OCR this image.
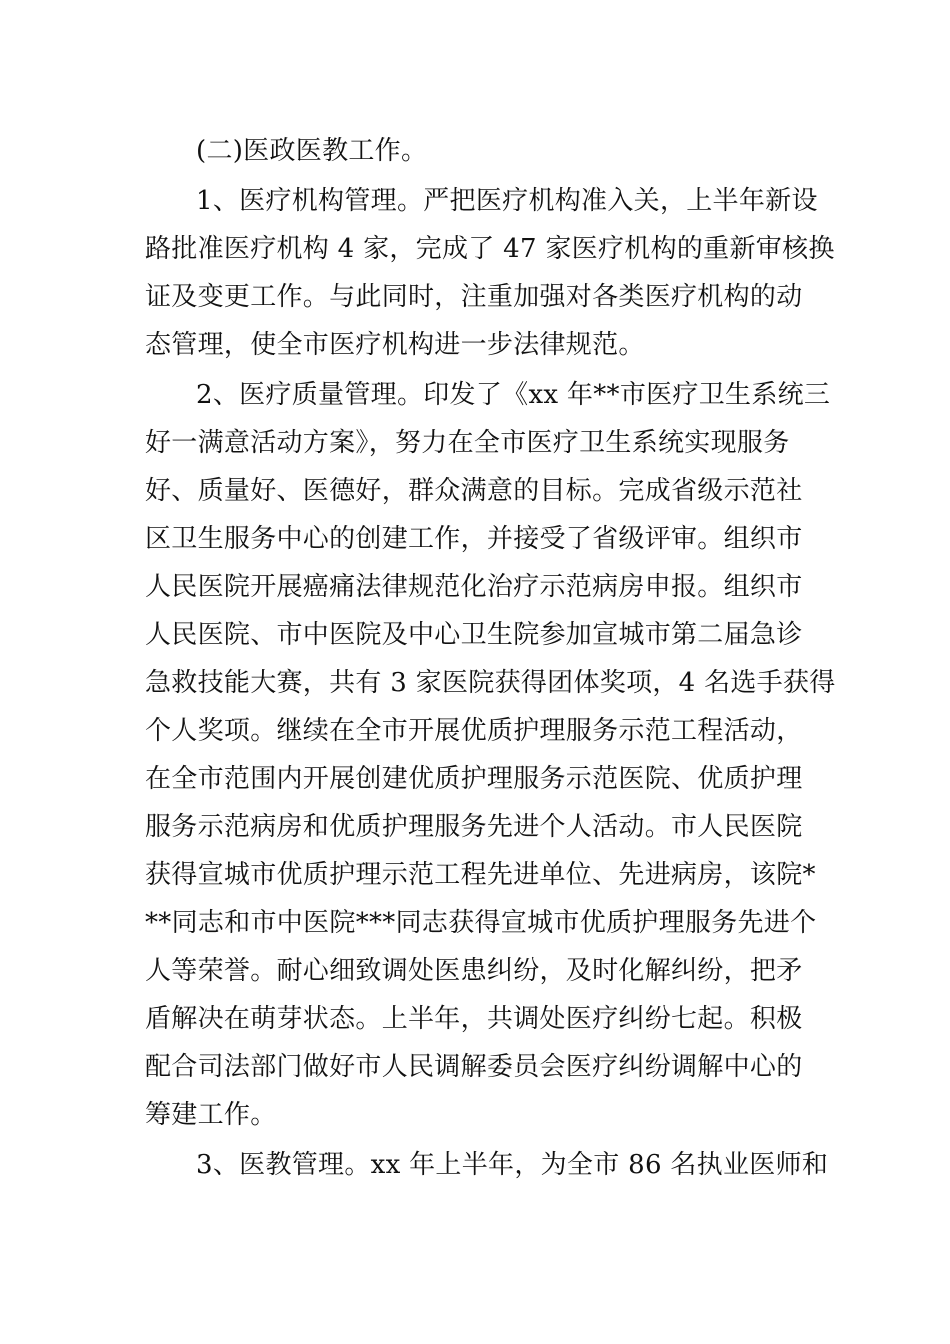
(二)医政医教工作。

1、医疗机构管理。严把医疗机构准入关，上半年新设

路批准医疗机构 4 家，完成了 47 家医疗机构的重新审核换

证及变更工作。与此同时，注重加强对各类医疗机构的动

态管理，使全市医疗机构进一步法律规范。

2、医疗质量管理。印发了《xx 年**市医疗卫生系统三

好一满意活动方案》，努力在全市医疗卫生系统实现服务

好、质量好、医德好，群众满意的目标。完成省级示范社

区卫生服务中心的创建工作，并接受了省级评审。组织市

人民医院开展癌痛法律规范化治疗示范病房申报。组织市

人民医院、市中医院及中心卫生院参加宣城市第二届急诊

急救技能大赛，共有 3 家医院获得团体奖项，4 名选手获得

个人奖项。继续在全市开展优质护理服务示范工程活动，

在全市范围内开展创建优质护理服务示范医院、优质护理

服务示范病房和优质护理服务先进个人活动。市人民医院

获得宣城市优质护理示范工程先进单位、先进病房，该院*

**同志和市中医院***同志获得宣城市优质护理服务先进个

人等荣誉。耐心细致调处医患纠纷，及时化解纠纷，把矛

盾解决在萌芽状态。上半年，共调处医疗纠纷七起。积极

配合司法部门做好市人民调解委员会医疗纠纷调解中心的

筹建工作。

3、医教管理。xx 年上半年，为全市 86 名执业医师和
